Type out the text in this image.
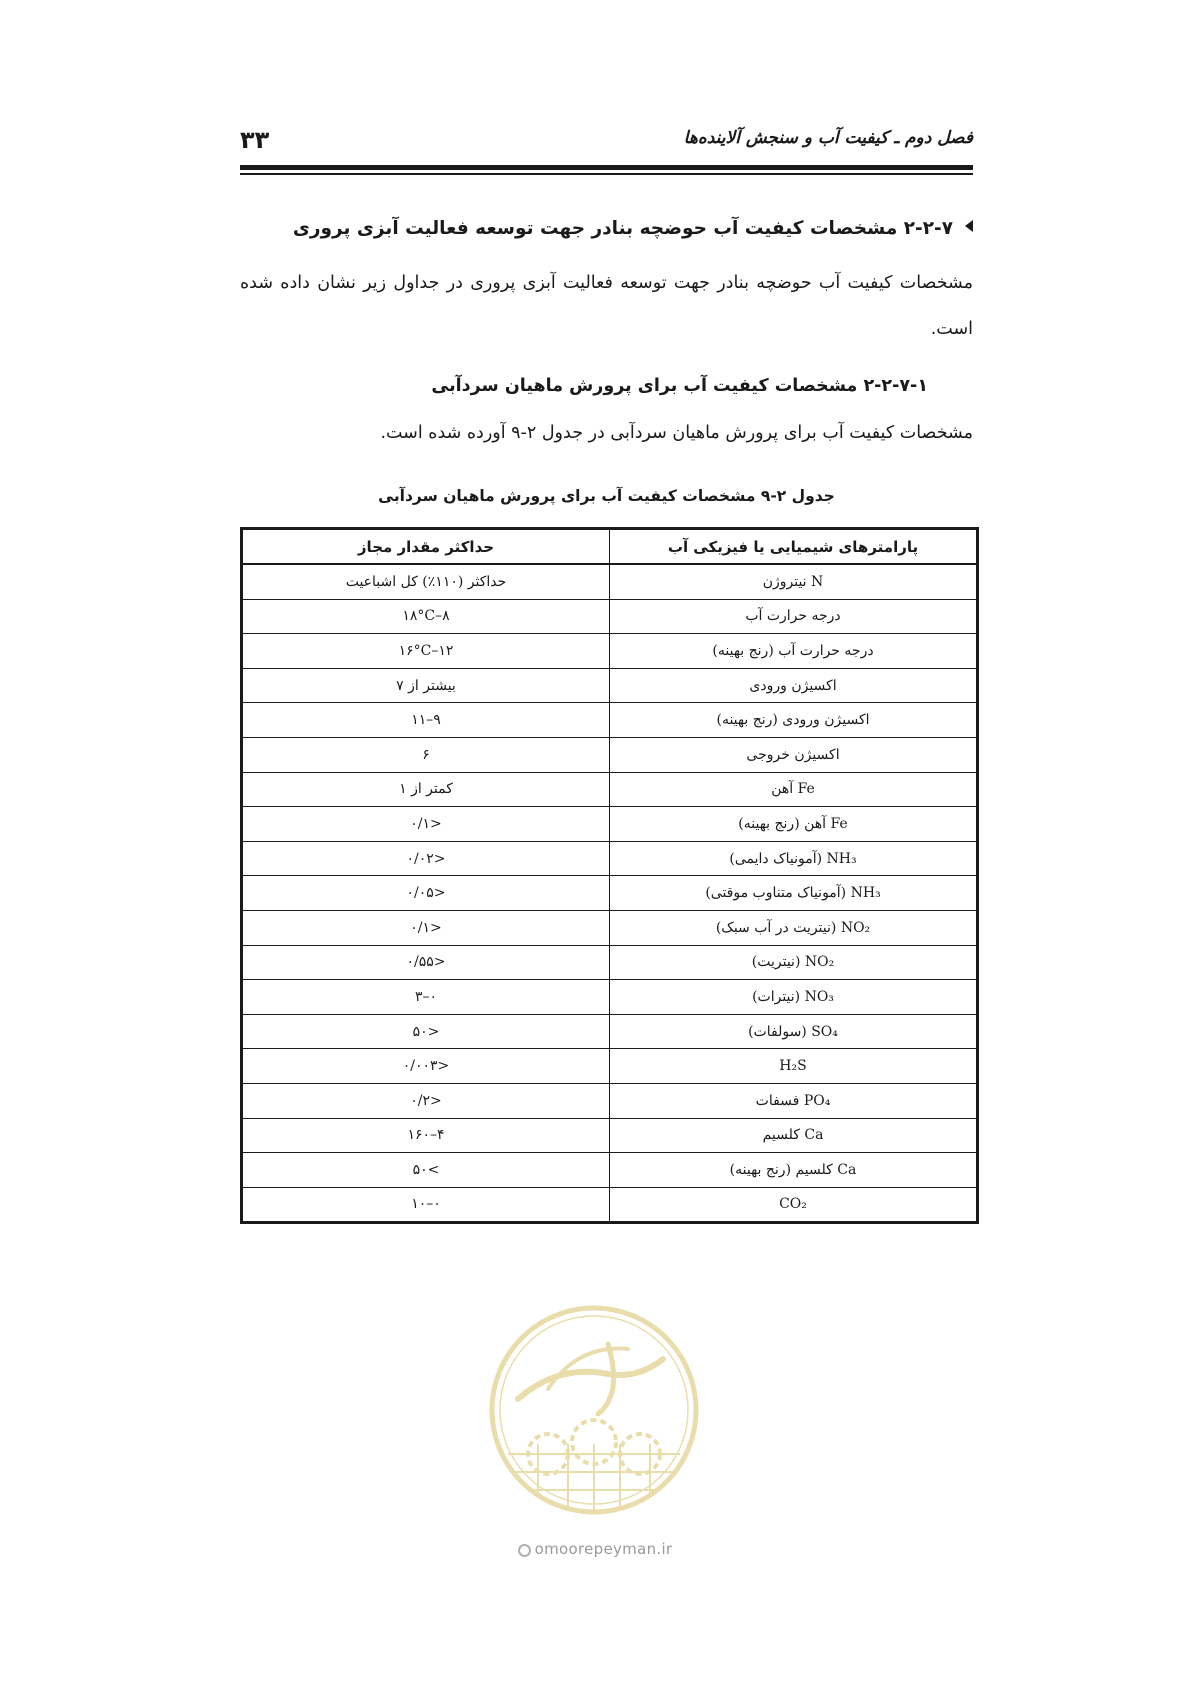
۳۳	فصل دوم ـ کیفیت آب و سنجش آلاینده‌ها
۲-۲-۷ مشخصات کیفیت آب حوضچه بنادر جهت توسعه فعالیت آبزی پروری
مشخصات کیفیت آب حوضچه بنادر جهت توسعه فعالیت آبزی پروری در جداول زیر نشان داده شده است.
۲-۲-۷-۱ مشخصات کیفیت آب برای پرورش ماهیان سردآبی
مشخصات کیفیت آب برای پرورش ماهیان سردآبی در جدول ۲-۹ آورده شده است.
جدول ۲-۹ مشخصات کیفیت آب برای پرورش ماهیان سردآبی
پارامترهای شیمیایی یا فیزیکی آب	حداکثر مقدار مجاز
N نیتروژن	حداکثر (۱۱۰٪) کل اشباعیت
درجه حرارت آب	۸–۱۸°C
درجه حرارت آب (رنج بهینه)	۱۲–۱۶°C
اکسیژن ورودی	بیشتر از ۷
اکسیژن ورودی (رنج بهینه)	۹–۱۱
اکسیژن خروجی	۶
Fe آهن	کمتر از ۱
Fe آهن (رنج بهینه)	<۰/۱
NH₃ (آمونیاک دایمی)	<۰/۰۲
NH₃ (آمونیاک متناوب موقتی)	<۰/۰۵
NO₂ (نیتریت در آب سبک)	<۰/۱
NO₂ (نیتریت)	<۰/۵۵
NO₃ (نیترات)	۰–۳
SO₄ (سولفات)	<۵۰
H₂S	<۰/۰۰۳
PO₄ فسفات	<۰/۲
Ca کلسیم	۴–۱۶۰
Ca کلسیم (رنج بهینه)	>۵۰
CO₂	۰–۱۰
omoorepeyman.ir
